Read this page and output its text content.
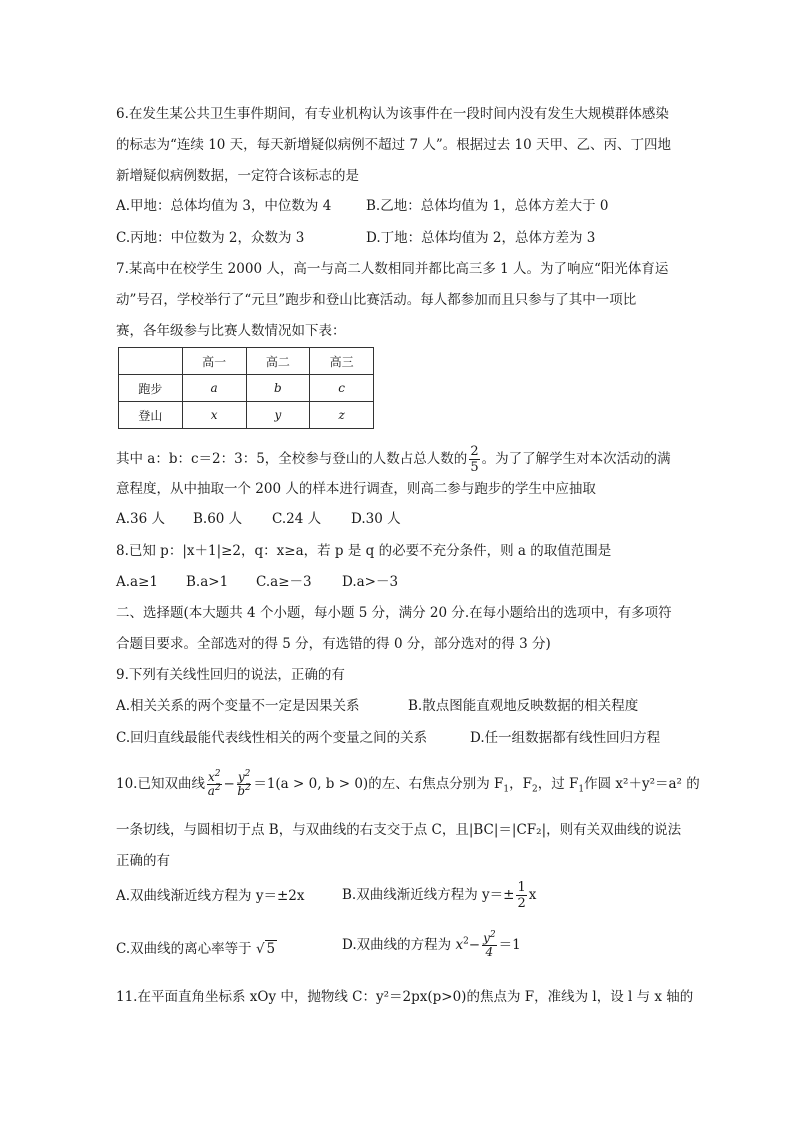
6.在发生某公共卫生事件期间，有专业机构认为该事件在一段时间内没有发生大规模群体感染
的标志为“连续 10 天，每天新增疑似病例不超过 7 人”。根据过去 10 天甲、乙、丙、丁四地
新增疑似病例数据，一定符合该标志的是
A.甲地：总体均值为 3，中位数为 4	B.乙地：总体均值为 1，总体方差大于 0
C.丙地：中位数为 2，众数为 3	D.丁地：总体均值为 2，总体方差为 3
7.某高中在校学生 2000 人，高一与高二人数相同并都比高三多 1 人。为了响应“阳光体育运
动”号召，学校举行了“元旦”跑步和登山比赛活动。每人都参加而且只参与了其中一项比
赛，各年级参与比赛人数情况如下表：
	高一	高二	高三
跑步	a	b	c
登山	x	y	z
其中 a：b：c＝2：3：5，全校参与登山的人数占总人数的 $\frac{2}{5}$ 。为了了解学生对本次活动的满
意程度，从中抽取一个 200 人的样本进行调查，则高二参与跑步的学生中应抽取
A.36 人 B.60 人 C.24 人 D.30 人
8.已知 p：|x＋1|≥2，q：x≥a，若 p 是 q 的必要不充分条件，则 a 的取值范围是
A.a≥1 B.a>1 C.a≥－3 D.a>－3
二、选择题(本大题共 4 个小题，每小题 5 分，满分 20 分.在每小题给出的选项中，有多项符
合题目要求。全部选对的得 5 分，有选错的得 0 分，部分选对的得 3 分)
9.下列有关线性回归的说法，正确的有
A.相关关系的两个变量不一定是因果关系	B.散点图能直观地反映数据的相关程度
C.回归直线最能代表线性相关的两个变量之间的关系	D.任一组数据都有线性回归方程
10.已知双曲线 $\frac{x^2}{a^2} - \frac{y^2}{b^2} =1(a > 0$, b > 0)的左、右焦点分别为 $F_1$，$F_2$，过 $F_1$作圆 x²＋y²＝a² 的
一条切线，与圆相切于点 B，与双曲线的右支交于点 C，且|BC|＝|CF₂|，则有关双曲线的说法
正确的有
A.双曲线渐近线方程为 y＝±2x	B.双曲线渐近线方程为 $y=\pm \frac{1}{2}$ x
C.双曲线的离心率等于 √ 5	D.双曲线的方程为 $x^2- \frac{y^2}{4} =1$
11.在平面直角坐标系 xOy 中，抛物线 C：y²＝2px(p>0)的焦点为 F，准线为 l，设 l 与 x 轴的
